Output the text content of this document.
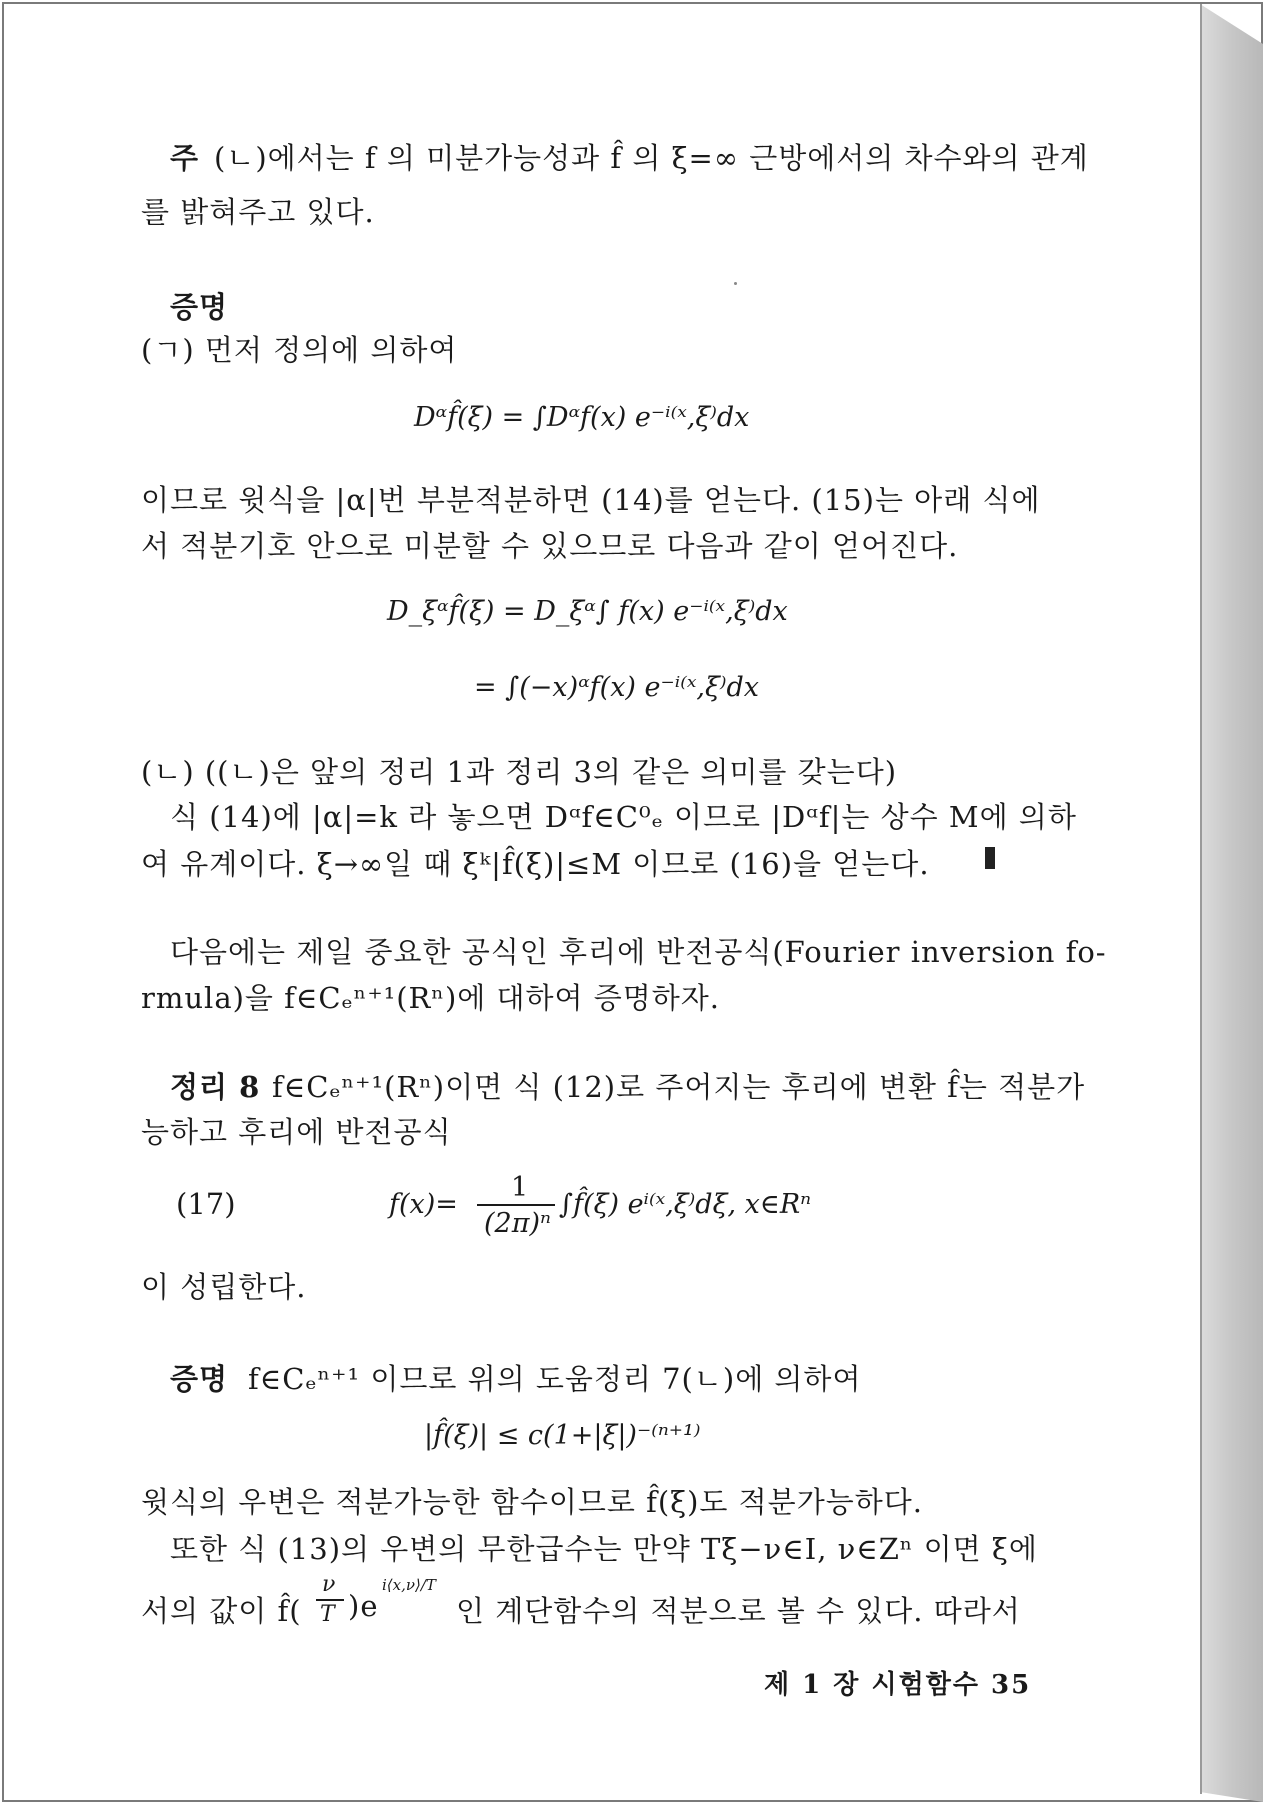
주 (ㄴ)에서는 f 의 미분가능성과 f̂ 의 ξ=∞ 근방에서의 차수와의 관계
를 밝혀주고 있다.
증명
(ㄱ) 먼저 정의에 의하여
Dᵅf̂(ξ) = ∫Dᵅf(x) e⁻ⁱ⁽ˣ,ξ⁾dx
이므로 윗식을 |α|번 부분적분하면 (14)를 얻는다. (15)는 아래 식에
서 적분기호 안으로 미분할 수 있으므로 다음과 같이 얻어진다.
D_ξᵅf̂(ξ) = D_ξᵅ∫ f(x) e⁻ⁱ⁽ˣ,ξ⁾dx
= ∫(−x)ᵅf(x) e⁻ⁱ⁽ˣ,ξ⁾dx
(ㄴ) ((ㄴ)은 앞의 정리 1과 정리 3의 같은 의미를 갖는다)
식 (14)에 |α|=k 라 놓으면 Dᵅf∈C⁰ₑ 이므로 |Dᵅf|는 상수 M에 의하
여 유계이다. ξ→∞일 때 ξᵏ|f̂(ξ)|≤M 이므로 (16)을 얻는다.
다음에는 제일 중요한 공식인 후리에 반전공식(Fourier inversion fo-
rmula)을 f∈Cₑⁿ⁺¹(Rⁿ)에 대하여 증명하자.
정리 8 f∈Cₑⁿ⁺¹(Rⁿ)이면 식 (12)로 주어지는 후리에 변환 f̂는 적분가
능하고 후리에 반전공식
(17)	f(x)=
1
(2π)ⁿ
∫f̂(ξ) eⁱ⁽ˣ,ξ⁾dξ, x∈Rⁿ
이 성립한다.
증명 f∈Cₑⁿ⁺¹ 이므로 위의 도움정리 7(ㄴ)에 의하여
|f̂(ξ)| ≤ c(1+|ξ|)⁻⁽ⁿ⁺¹⁾
윗식의 우변은 적분가능한 함수이므로 f̂(ξ)도 적분가능하다.
또한 식 (13)의 우변의 무한급수는 만약 Tξ−ν∈I, ν∈Zⁿ 이면 ξ에
서의 값이 f̂(
ν
T )e
i⟨x,ν⟩/T
인 계단함수의 적분으로 볼 수 있다. 따라서
제 1 장 시험함수 35
